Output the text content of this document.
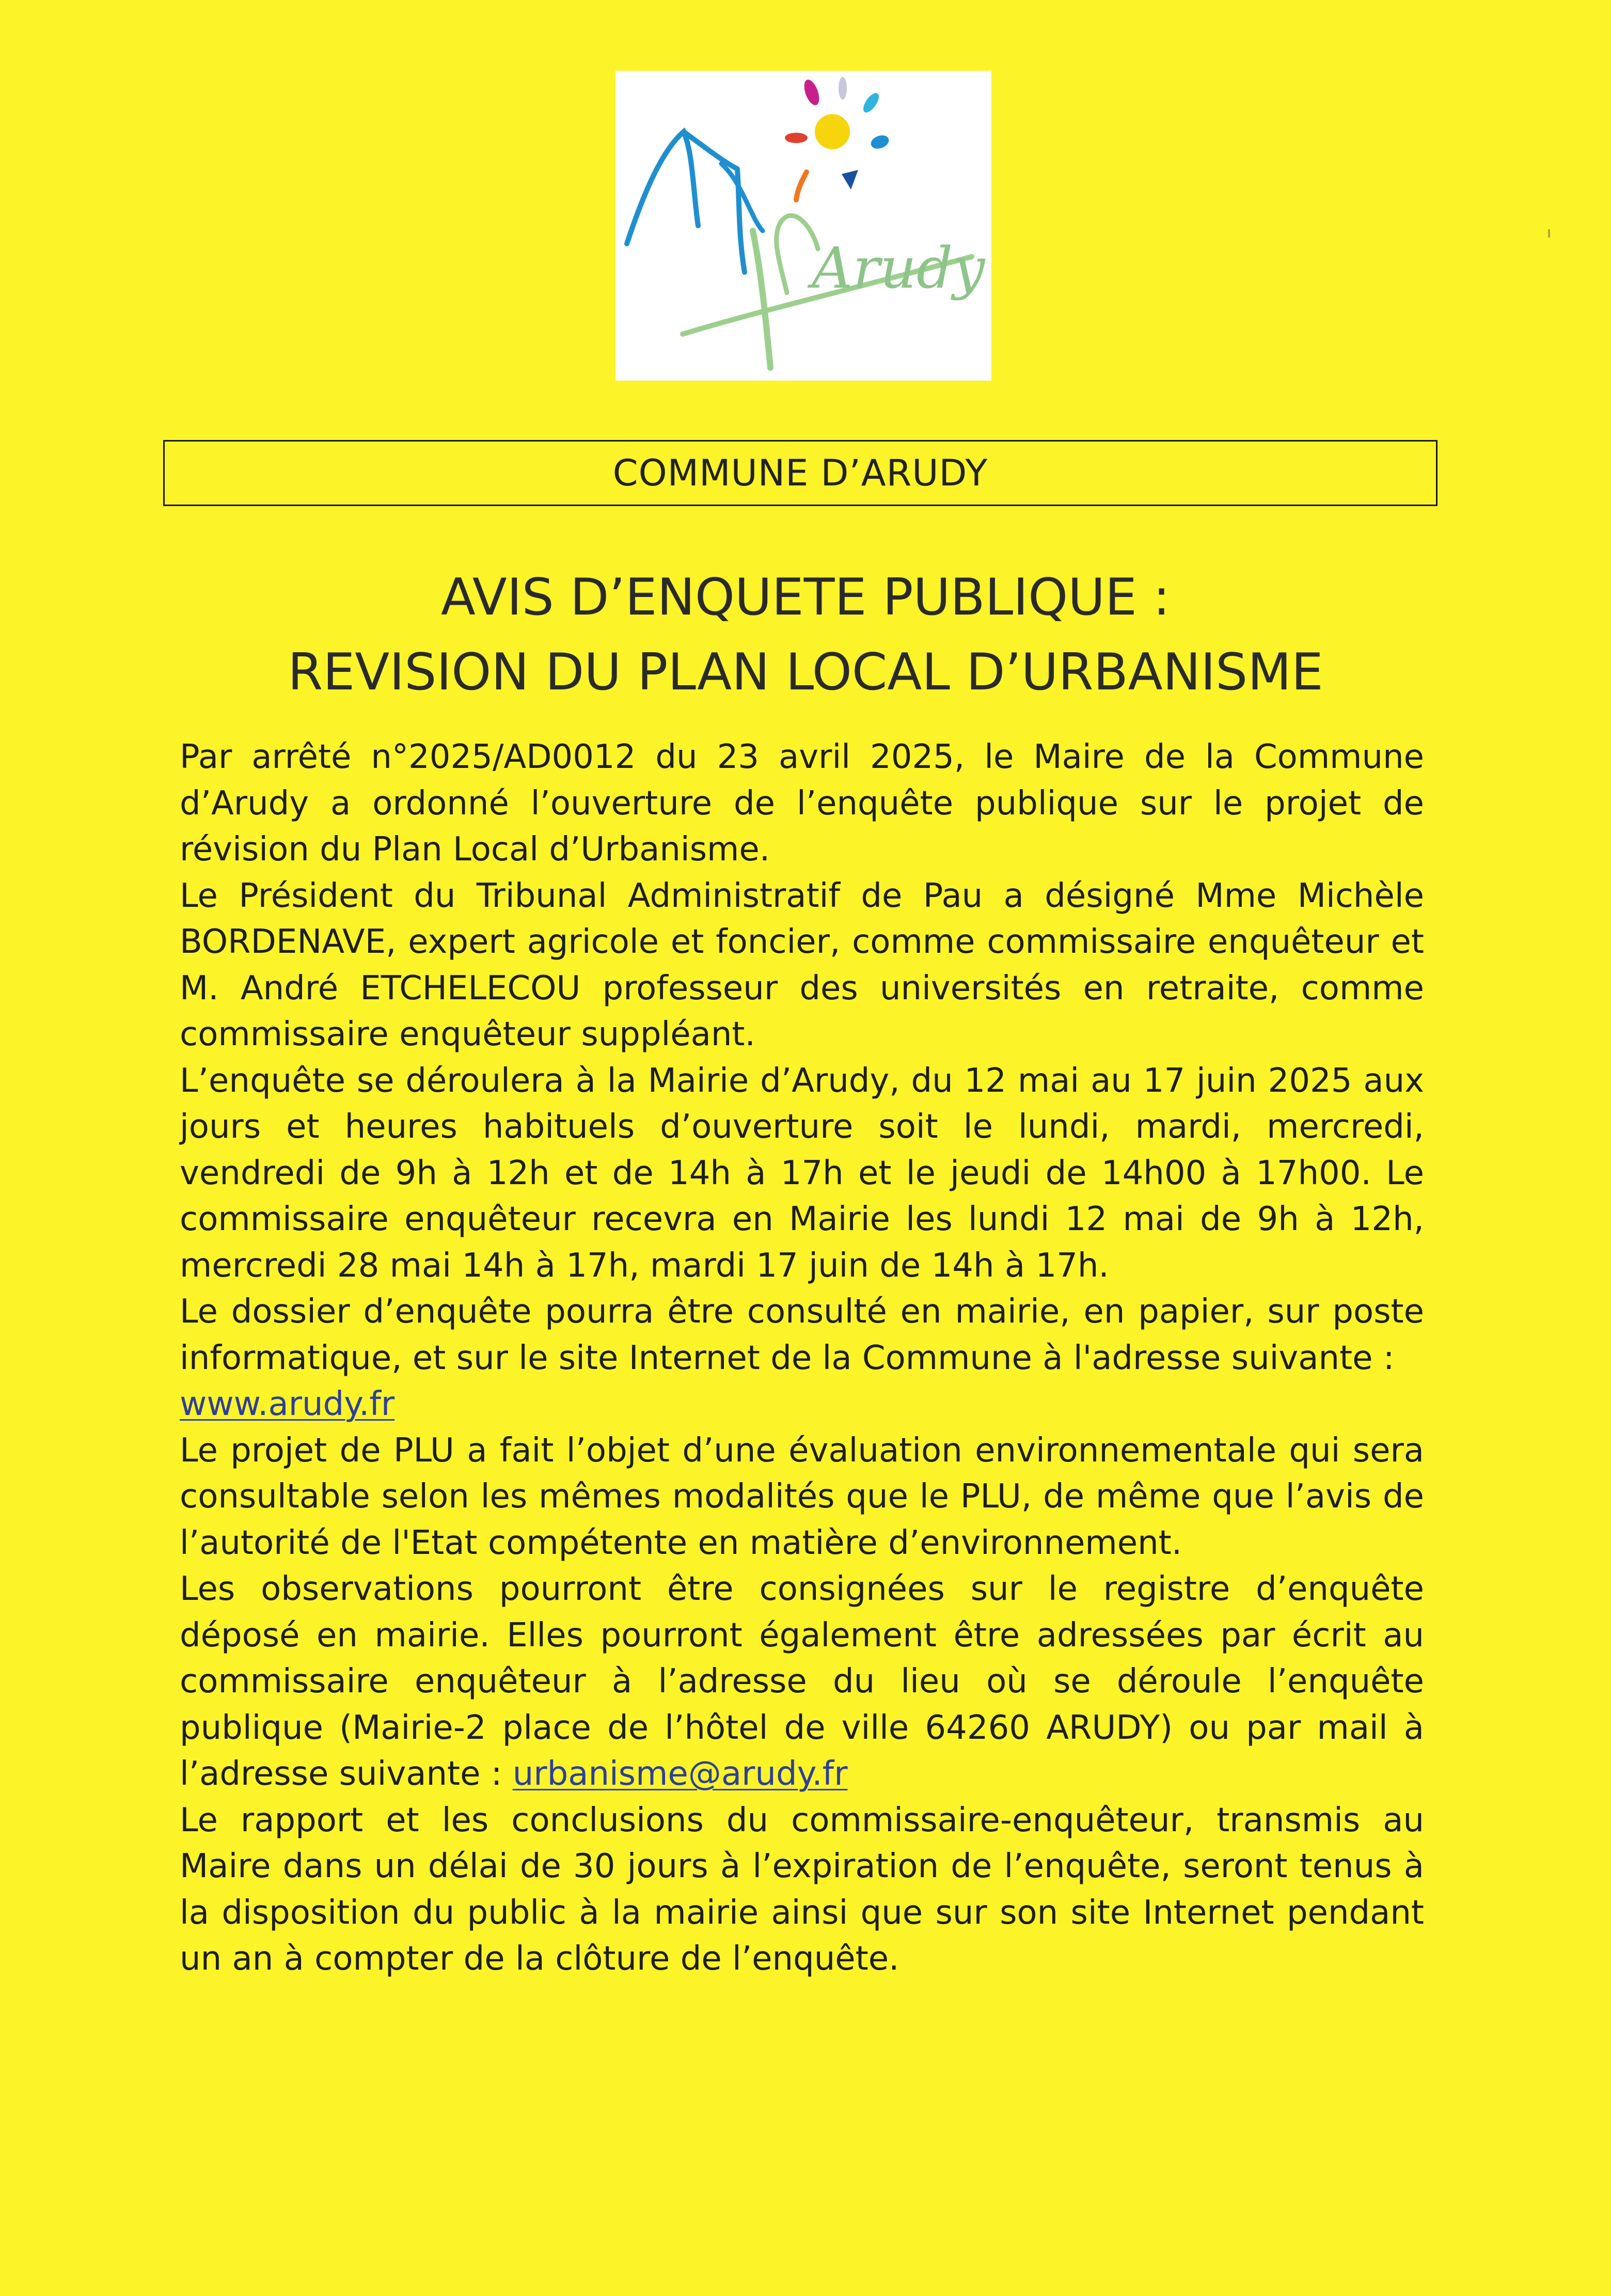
Arudy
COMMUNE D’ARUDY
AVIS D’ENQUETE PUBLIQUE :
REVISION DU PLAN LOCAL D’URBANISME

Par arrêté n°2025/AD0012 du 23 avril 2025, le Maire de la Commune d’Arudy a ordonné l’ouverture de l’enquête publique sur le projet de révision du Plan Local d’Urbanisme.

Le Président du Tribunal Administratif de Pau a désigné Mme Michèle BORDENAVE, expert agricole et foncier, comme commissaire enquêteur et M. André ETCHELECOU professeur des universités en retraite, comme commissaire enquêteur suppléant.

L’enquête se déroulera à la Mairie d’Arudy, du 12 mai au 17 juin 2025 aux jours et heures habituels d’ouverture soit le lundi, mardi, mercredi, vendredi de 9h à 12h et de 14h à 17h et le jeudi de 14h00 à 17h00. Le commissaire enquêteur recevra en Mairie les lundi 12 mai de 9h à 12h, mercredi 28 mai 14h à 17h, mardi 17 juin de 14h à 17h.

Le dossier d’enquête pourra être consulté en mairie, en papier, sur poste informatique, et sur le site Internet de la Commune à l'adresse suivante :
www.arudy.fr

Le projet de PLU a fait l’objet d’une évaluation environnementale qui sera consultable selon les mêmes modalités que le PLU, de même que l’avis de l’autorité de l'Etat compétente en matière d’environnement.

Les observations pourront être consignées sur le registre d’enquête déposé en mairie. Elles pourront également être adressées par écrit au commissaire enquêteur à l’adresse du lieu où se déroule l’enquête publique (Mairie-2 place de l’hôtel de ville 64260 ARUDY) ou par mail à l’adresse suivante : urbanisme@arudy.fr

Le rapport et les conclusions du commissaire-enquêteur, transmis au Maire dans un délai de 30 jours à l’expiration de l’enquête, seront tenus à la disposition du public à la mairie ainsi que sur son site Internet pendant un an à compter de la clôture de l’enquête.
